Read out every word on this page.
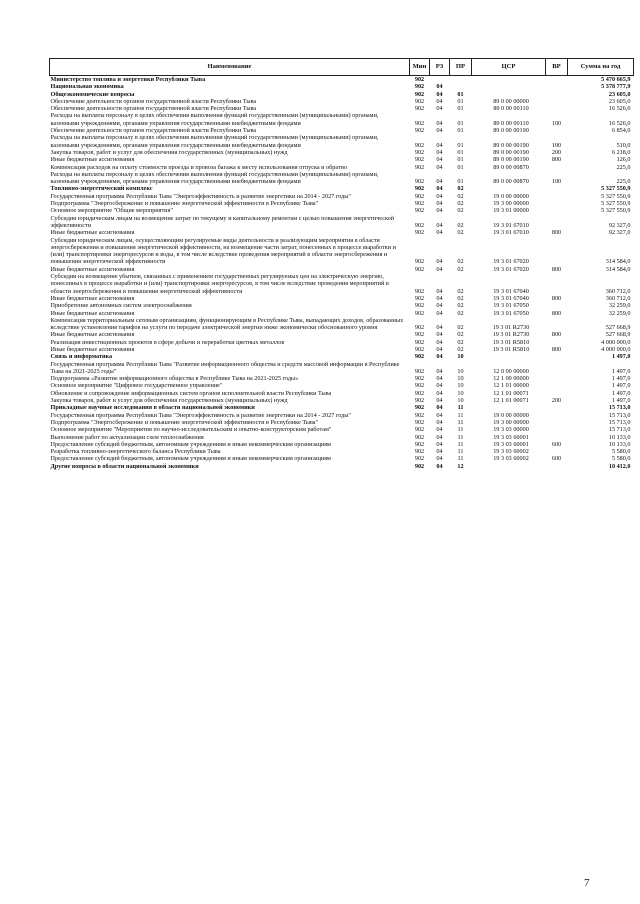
Наименование	Мин	РЗ	ПР	ЦСР	ВР	Сумма на год
Министерство топлива и энергетики Республики Тыва	902					5 470 665,9
Национальная экономика	902	04				5 378 777,9
Общеэкономические вопросы	902	04	01			23 605,0
Обеспечение деятельности органов государственной власти Республики Тыва	902	04	01	89 0 00 00000		23 605,0
Обеспечение деятельности органов государственной власти Республики Тыва	902	04	01	89 0 00 00110		16 526,0
Расходы на выплаты персоналу в целях обеспечения выполнения функций государственными (муниципальными) органами, казенными учреждениями, органами управления государственными внебюджетными фондами	902	04	01	89 0 00 00110	100	16 526,0
Обеспечение деятельности органов государственной власти Республики Тыва	902	04	01	89 0 00 00190		6 854,0
Расходы на выплаты персоналу в целях обеспечения выполнения функций государственными (муниципальными) органами, казенными учреждениями, органами управления государственными внебюджетными фондами	902	04	01	89 0 00 00190	100	510,0
Закупка товаров, работ и услуг для обеспечения государственных (муниципальных) нужд	902	04	01	89 0 00 00190	200	6 218,0
Иные бюджетные ассигнования	902	04	01	89 0 00 00190	800	126,0
Компенсация расходов на оплату стоимости проезда и провоза багажа к месту использования отпуска и обратно	902	04	01	89 0 00 00870		225,0
Расходы на выплаты персоналу в целях обеспечения выполнения функций государственными (муниципальными) органами, казенными учреждениями, органами управления государственными внебюджетными фондами	902	04	01	89 0 00 00870	100	225,0
Топливно-энергетический комплекс	902	04	02			5 327 550,9
Государственная программа Республики Тыва "Энергоэффективность и развитие энергетики на 2014 - 2027 годы"	902	04	02	19 0 00 00000		5 327 550,9
Подпрограмма "Энергосбережение и повышение энергетической эффективности в Республике Тыва"	902	04	02	19 3 00 00000		5 327 550,9
Основное мероприятие "Общие мероприятия"	902	04	02	19 3 01 00000		5 327 550,9
Субсидии юридическим лицам на возмещение затрат по текущему и капитальному ремонтам с целью повышения энергетической эффективности	902	04	02	19 3 01 67010		92 327,0
Иные бюджетные ассигнования	902	04	02	19 3 01 67010	800	92 327,0
Субсидии юридическим лицам, осуществляющим регулируемые виды деятельности и реализующим мероприятия в области энергосбережения и повышения энергетической эффективности, на возмещение части затрат, понесенных в процессе выработки и (или) транспортировки энергоресурсов и воды, в том числе вследствие проведения мероприятий в области энергосбережения и повышения энергетической эффективности	902	04	02	19 3 01 67020		314 584,0
Иные бюджетные ассигнования	902	04	02	19 3 01 67020	800	314 584,0
Субсидии на возмещение убытков, связанных с применением государственных регулируемых цен на электрическую энергию, понесенных в процессе выработки и (или) транспортировки энергоресурсов, в том числе вследствие проведения мероприятий в области энергосбережения и повышения энергетической эффективности	902	04	02	19 3 01 67040		360 712,0
Иные бюджетные ассигнования	902	04	02	19 3 01 67040	800	360 712,0
Приобретение автономных систем электроснабжения	902	04	02	19 3 01 67050		32 259,0
Иные бюджетные ассигнования	902	04	02	19 3 01 67050	800	32 259,0
Компенсация территориальным сетевым организациям, функционирующим в Республике Тыва, выпадающих доходов, образованных вследствие установления тарифов на услуги по передаче электрической энергии ниже экономически обоснованного уровня	902	04	02	19 3 01 R2730		527 668,9
Иные бюджетные ассигнования	902	04	02	19 3 01 R2730	800	527 668,9
Реализация инвестиционных проектов в сфере добычи и переработки цветных металлов	902	04	02	19 3 01 R5810		4 000 000,0
Иные бюджетные ассигнования	902	04	02	19 3 01 R5810	800	4 000 000,0
Связь и информатика	902	04	10			1 497,0
Государственная программа Республики Тыва "Развитие информационного общества и средств массовой информации в Республике Тыва на 2021-2025 годы"	902	04	10	12 0 00 00000		1 497,0
Подпрограмма «Развитие информационного общества в Республике Тыва на 2021-2025 годы»	902	04	10	12 1 00 00000		1 497,0
Основное мероприятие "Цифровое государственное управление"	902	04	10	12 1 01 00000		1 497,0
Обновление и сопровождение информационных систем органов исполнительной власти Республики Тыва	902	04	10	12 1 01 00071		1 497,0
Закупка товаров, работ и услуг для обеспечения государственных (муниципальных) нужд	902	04	10	12 1 01 00071	200	1 497,0
Прикладные научные исследования в области национальной экономики	902	04	11			15 713,0
Государственная программа Республики Тыва "Энергоэффективность и развитие энергетики на 2014 - 2027 годы"	902	04	11	19 0 00 00000		15 713,0
Подпрограмма "Энергосбережение и повышение энергетической эффективности в Республике Тыва"	902	04	11	19 3 00 00000		15 713,0
Основное мероприятие "Мероприятия по научно-исследовательским и опытно-конструкторским работам"	902	04	11	19 3 03 00000		15 713,0
Выполнение работ по актуализации схем теплоснабжения	902	04	11	19 3 03 60001		10 133,0
Предоставление субсидий бюджетным, автономным учреждениям и иным некоммерческим организациям	902	04	11	19 3 03 60001	600	10 133,0
Разработка топливно-энергетического баланса Республики Тыва	902	04	11	19 3 03 60002		5 580,0
Предоставление субсидий бюджетным, автономным учреждениям и иным некоммерческим организациям	902	04	11	19 3 03 60002	600	5 580,0
Другие вопросы в области национальной экономики	902	04	12			10 412,0
7
